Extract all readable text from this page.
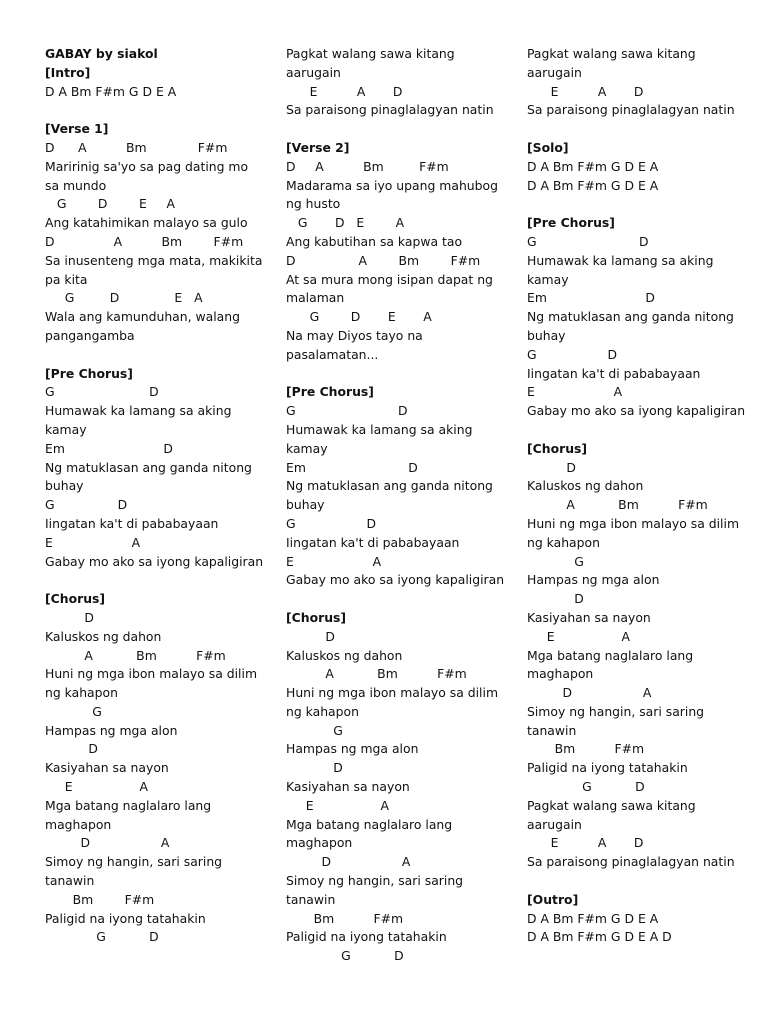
GABAY by siakol
[Intro]
D A Bm F#m G D E A
[Verse 1]
D      A          Bm             F#m
Maririnig sa'yo sa pag dating mo
sa mundo
G        D        E     A
Ang katahimikan malayo sa gulo
D               A          Bm        F#m
Sa inusenteng mga mata, makikita
pa kita
G         D              E   A
Wala ang kamunduhan, walang
pangangamba
[Pre Chorus]
G                        D
Humawak ka lamang sa aking
kamay
Em                         D
Ng matuklasan ang ganda nitong
buhay
G                D
Iingatan ka't di pababayaan
E                    A
Gabay mo ako sa iyong kapaligiran
[Chorus]
D
Kaluskos ng dahon
A           Bm          F#m
Huni ng mga ibon malayo sa dilim
ng kahapon
G
Hampas ng mga alon
D
Kasiyahan sa nayon
E                 A
Mga batang naglalaro lang
maghapon
D                  A
Simoy ng hangin, sari saring
tanawin
Bm        F#m
Paligid na iyong tatahakin
G           D
Pagkat walang sawa kitang
aarugain
E          A       D
Sa paraisong pinaglalagyan natin
[Verse 2]
D     A          Bm         F#m
Madarama sa iyo upang mahubog
ng husto
G       D   E        A
Ang kabutihan sa kapwa tao
D                A        Bm        F#m
At sa mura mong isipan dapat ng
malaman
G        D       E       A
Na may Diyos tayo na
pasalamatan...
[Pre Chorus]
G                          D
Humawak ka lamang sa aking
kamay
Em                          D
Ng matuklasan ang ganda nitong
buhay
G                  D
Iingatan ka't di pababayaan
E                    A
Gabay mo ako sa iyong kapaligiran
[Chorus]
D
Kaluskos ng dahon
A           Bm          F#m
Huni ng mga ibon malayo sa dilim
ng kahapon
G
Hampas ng mga alon
D
Kasiyahan sa nayon
E                 A
Mga batang naglalaro lang
maghapon
D                  A
Simoy ng hangin, sari saring
tanawin
Bm          F#m
Paligid na iyong tatahakin
G           D
Pagkat walang sawa kitang
aarugain
E          A       D
Sa paraisong pinaglalagyan natin
[Solo]
D A Bm F#m G D E A
D A Bm F#m G D E A
[Pre Chorus]
G                          D
Humawak ka lamang sa aking
kamay
Em                         D
Ng matuklasan ang ganda nitong
buhay
G                  D
Iingatan ka't di pababayaan
E                    A
Gabay mo ako sa iyong kapaligiran
[Chorus]
D
Kaluskos ng dahon
A           Bm          F#m
Huni ng mga ibon malayo sa dilim
ng kahapon
G
Hampas ng mga alon
D
Kasiyahan sa nayon
E                 A
Mga batang naglalaro lang
maghapon
D                  A
Simoy ng hangin, sari saring
tanawin
Bm          F#m
Paligid na iyong tatahakin
G           D
Pagkat walang sawa kitang
aarugain
E          A       D
Sa paraisong pinaglalagyan natin
[Outro]
D A Bm F#m G D E A
D A Bm F#m G D E A D
